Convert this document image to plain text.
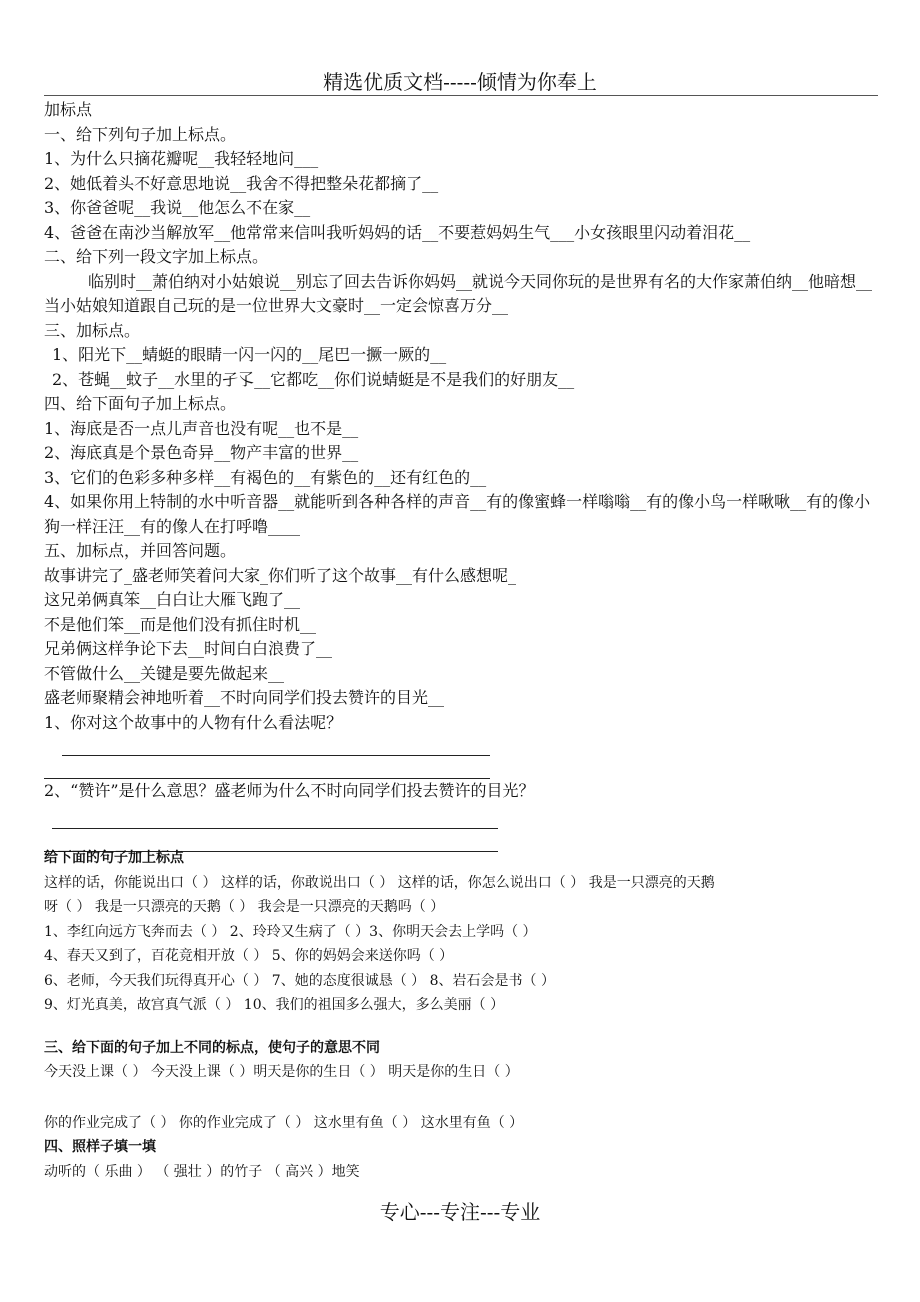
精选优质文档-----倾情为你奉上

加标点

一、给下列句子加上标点。

1、为什么只摘花瓣呢__我轻轻地问___

2、她低着头不好意思地说__我舍不得把整朵花都摘了__

3、你爸爸呢__我说__他怎么不在家__

4、爸爸在南沙当解放军__他常常来信叫我听妈妈的话__不要惹妈妈生气___小女孩眼里闪动着泪花__

二、给下列一段文字加上标点。

临别时__萧伯纳对小姑娘说__别忘了回去告诉你妈妈__就说今天同你玩的是世界有名的大作家萧伯纳__他暗想__当小姑娘知道跟自己玩的是一位世界大文豪时__一定会惊喜万分__

三、加标点。

1、阳光下__蜻蜓的眼睛一闪一闪的__尾巴一撅一厥的__

2、苍蝇__蚊子__水里的孑孓__它都吃__你们说蜻蜓是不是我们的好朋友__

四、给下面句子加上标点。

1、海底是否一点儿声音也没有呢__也不是__

2、海底真是个景色奇异__物产丰富的世界__

3、它们的色彩多种多样__有褐色的__有紫色的__还有红色的__

4、如果你用上特制的水中听音器__就能听到各种各样的声音__有的像蜜蜂一样嗡嗡__有的像小鸟一样啾啾__有的像小狗一样汪汪__有的像人在打呼噜____

五、加标点，并回答问题。

故事讲完了_盛老师笑着问大家_你们听了这个故事__有什么感想呢_

这兄弟俩真笨__白白让大雁飞跑了__

不是他们笨__而是他们没有抓住时机__

兄弟俩这样争论下去__时间白白浪费了__

不管做什么__关键是要先做起来__

盛老师聚精会神地听着__不时向同学们投去赞许的目光__

1、你对这个故事中的人物有什么看法呢？

2、“赞许”是什么意思？盛老师为什么不时向同学们投去赞许的目光？

给下面的句子加上标点

这样的话，你能说出口（ ） 这样的话，你敢说出口（ ） 这样的话，你怎么说出口（ ） 我是一只漂亮的天鹅

呀（ ） 我是一只漂亮的天鹅（ ） 我会是一只漂亮的天鹅吗（ ）

1、李红向远方飞奔而去（ ） 2、玲玲又生病了（ ）3、你明天会去上学吗（ ）

4、春天又到了，百花竞相开放（ ） 5、你的妈妈会来送你吗（ ）

6、老师，今天我们玩得真开心（ ） 7、她的态度很诚恳（ ） 8、岩石会是书（ ）

9、灯光真美，故宫真气派（ ） 10、我们的祖国多么强大，多么美丽（ ）

三、给下面的句子加上不同的标点，使句子的意思不同

今天没上课（ ） 今天没上课（ ）明天是你的生日（ ） 明天是你的生日（ ）

你的作业完成了（ ） 你的作业完成了（ ） 这水里有鱼（ ） 这水里有鱼（ ）

四、照样子填一填

动听的（ 乐曲 ） （ 强壮 ）的竹子 （ 高兴 ）地笑

专心---专注---专业
